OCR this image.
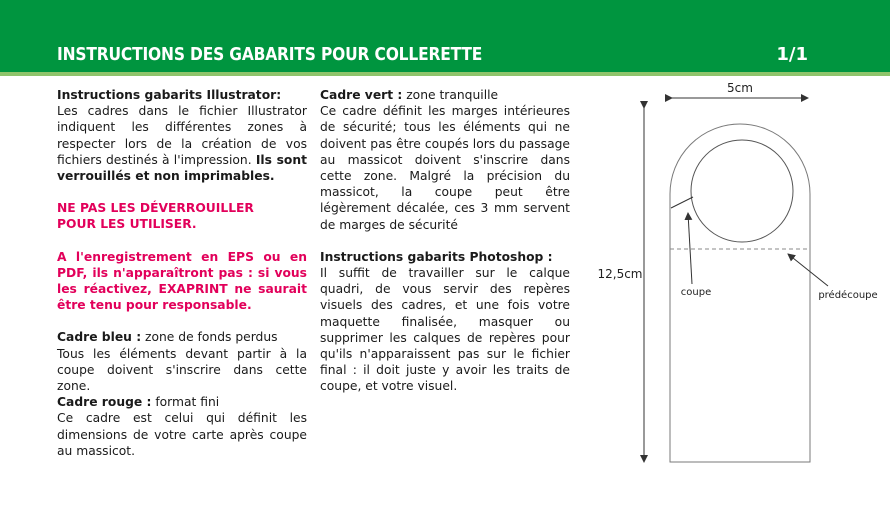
INSTRUCTIONS DES GABARITS POUR COLLERETTE	1/1

Instructions gabarits Illustrator:

Les cadres dans le fichier Illustrator indiquent les différentes zones à respecter lors de la création de vos fichiers destinés à l'impression. Ils sont verrouillés et non imprimables.

NE PAS LES DÉVERROUILLER

POUR LES UTILISER.

A l'enregistrement en EPS ou en PDF, ils n'apparaîtront pas : si vous les réactivez, EXAPRINT ne saurait être tenu pour responsable.

Cadre bleu : zone de fonds perdus

Tous les éléments devant partir à la coupe doivent s'inscrire dans cette zone.

Cadre rouge : format fini

Ce cadre est celui qui définit les dimensions de votre carte après coupe au massicot.

Cadre vert : zone tranquille

Ce cadre définit les marges intérieures de sécurité; tous les éléments qui ne doivent pas être coupés lors du passage au massicot doivent s'inscrire dans cette zone. Malgré la précision du massicot, la coupe peut être légèrement décalée, ces 3 mm servent de marges de sécurité

Instructions gabarits Photoshop :

Il suffit de travailler sur le calque quadri, de vous servir des repères visuels des cadres, et une fois votre maquette finalisée, masquer ou supprimer les calques de repères pour qu'ils n'apparaissent pas sur le fichier final : il doit juste y avoir les traits de coupe, et votre visuel.

5cm
12,5cm
coupe	prédécoupe
